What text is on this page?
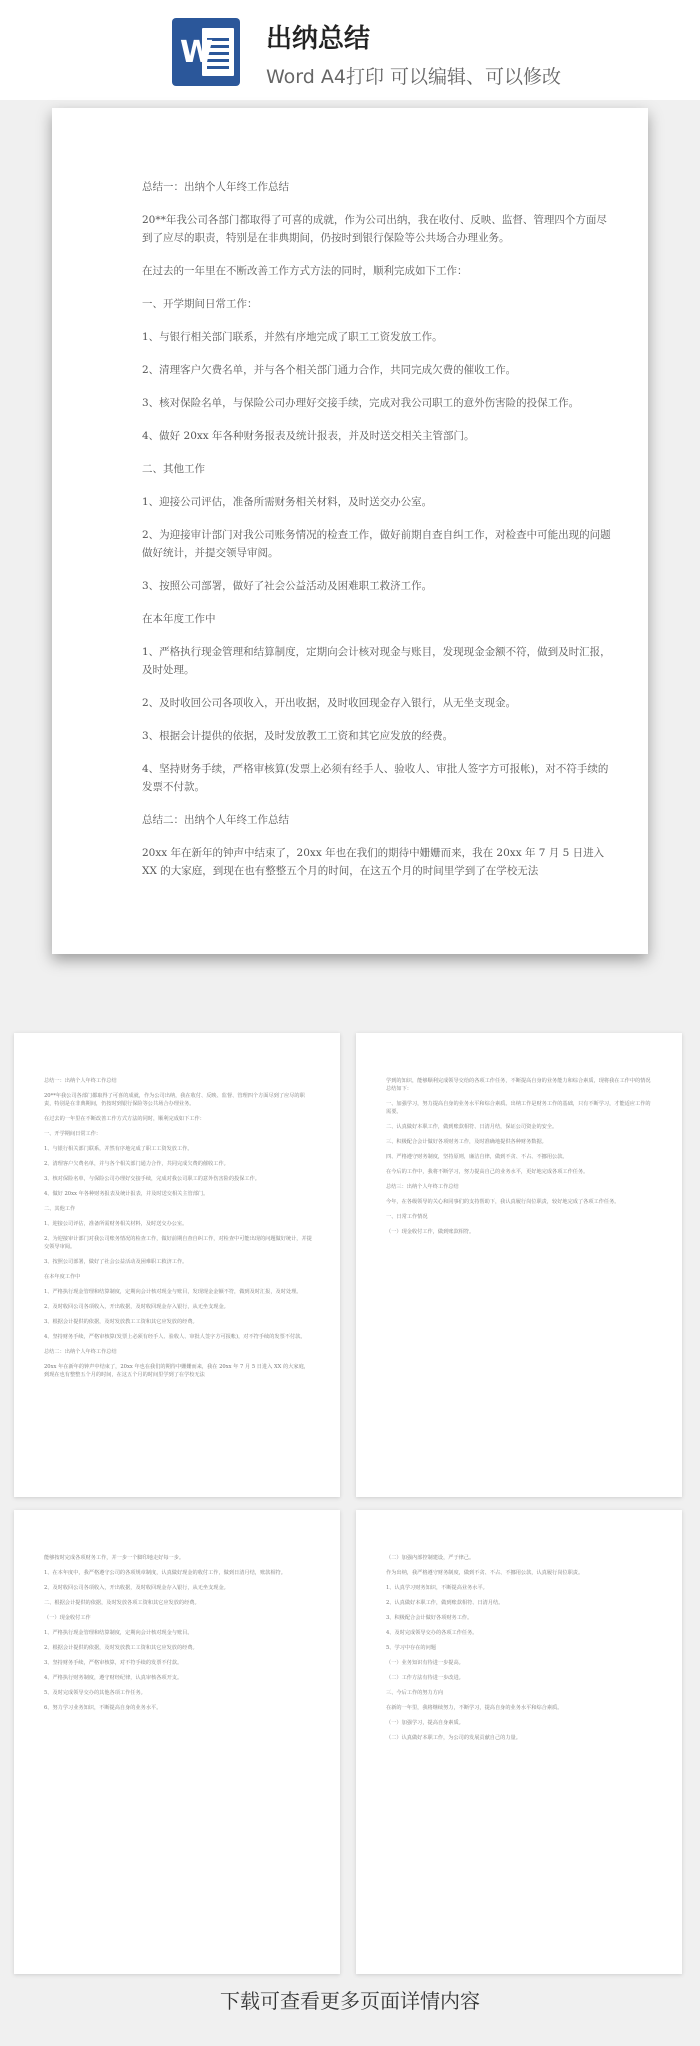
W 出纳总结
Word A4打印 可以编辑、可以修改

总结一：出纳个人年终工作总结

20**年我公司各部门都取得了可喜的成就，作为公司出纳，我在收付、反映、监督、管理四个方面尽到了应尽的职责，特别是在非典期间，仍按时到银行保险等公共场合办理业务。

在过去的一年里在不断改善工作方式方法的同时，顺利完成如下工作：

一、开学期间日常工作：

1、与银行相关部门联系，并然有序地完成了职工工资发放工作。

2、清理客户欠费名单，并与各个相关部门通力合作，共同完成欠费的催收工作。

3、核对保险名单，与保险公司办理好交接手续，完成对我公司职工的意外伤害险的投保工作。

4、做好 20xx 年各种财务报表及统计报表，并及时送交相关主管部门。

二、其他工作

1、迎接公司评估，准备所需财务相关材料，及时送交办公室。

2、为迎接审计部门对我公司账务情况的检查工作，做好前期自查自纠工作，对检查中可能出现的问题做好统计，并提交领导审阅。

3、按照公司部署，做好了社会公益活动及困难职工救济工作。

在本年度工作中

1、严格执行现金管理和结算制度，定期向会计核对现金与账目，发现现金金额不符，做到及时汇报，及时处理。

2、及时收回公司各项收入，开出收据，及时收回现金存入银行，从无坐支现金。

3、根据会计提供的依据，及时发放教工工资和其它应发放的经费。

4、坚持财务手续，严格审核算(发票上必须有经手人、验收人、审批人签字方可报帐)，对不符手续的发票不付款。

总结二：出纳个人年终工作总结

20xx 年在新年的钟声中结束了，20xx 年也在我们的期待中姗姗而来，我在 20xx 年 7 月 5 日进入 XX 的大家庭，到现在也有整整五个月的时间，在这五个月的时间里学到了在学校无法

总结一：出纳个人年终工作总结

20**年我公司各部门都取得了可喜的成就，作为公司出纳，我在收付、反映、监督、管理四个方面尽到了应尽的职责，特别是在非典期间，仍按时到银行保险等公共场合办理业务。

在过去的一年里在不断改善工作方式方法的同时，顺利完成如下工作：

一、开学期间日常工作：

1、与银行相关部门联系，并然有序地完成了职工工资发放工作。

2、清理客户欠费名单，并与各个相关部门通力合作，共同完成欠费的催收工作。

3、核对保险名单，与保险公司办理好交接手续，完成对我公司职工的意外伤害险的投保工作。

4、做好 20xx 年各种财务报表及统计报表，并及时送交相关主管部门。

二、其他工作

1、迎接公司评估，准备所需财务相关材料，及时送交办公室。

2、为迎接审计部门对我公司账务情况的检查工作，做好前期自查自纠工作，对检查中可能出现的问题做好统计，并提交领导审阅。

3、按照公司部署，做好了社会公益活动及困难职工救济工作。

在本年度工作中

1、严格执行现金管理和结算制度，定期向会计核对现金与账目，发现现金金额不符，做到及时汇报，及时处理。

2、及时收回公司各项收入，开出收据，及时收回现金存入银行，从无坐支现金。

3、根据会计提供的依据，及时发放教工工资和其它应发放的经费。

4、坚持财务手续，严格审核算(发票上必须有经手人、验收人、审批人签字方可报帐)，对不符手续的发票不付款。

总结二：出纳个人年终工作总结

20xx 年在新年的钟声中结束了，20xx 年也在我们的期待中姗姗而来，我在 20xx 年 7 月 5 日进入 XX 的大家庭，到现在也有整整五个月的时间，在这五个月的时间里学到了在学校无法

学到的知识，能够顺利完成领导交给的各项工作任务，不断提高自身的业务能力和综合素质，现将我在工作中的情况总结如下：

一、加强学习，努力提高自身的业务水平和综合素质。出纳工作是财务工作的基础，只有不断学习，才能适应工作的需要。

二、认真做好本职工作，做到账款相符、日清月结，保证公司资金的安全。

三、积极配合会计做好各项财务工作，及时准确地提供各种财务数据。

四、严格遵守财务制度，坚持原则，廉洁自律，做到不贪、不占、不挪用公款。

在今后的工作中，我将不断学习，努力提高自己的业务水平，更好地完成各项工作任务。

总结三：出纳个人年终工作总结

今年，在各级领导的关心和同事们的支持帮助下，我认真履行岗位职责，较好地完成了各项工作任务。

一、日常工作情况

（一）现金收付工作，做到账款相符。

能够按时完成各项财务工作，并一步一个脚印地走好每一步。

1、在本年度中，我严格遵守公司的各项规章制度，认真做好现金的收付工作，做到日清月结，账款相符。

2、及时收回公司各项收入，开出收据，及时收回现金存入银行，从无坐支现金。

二、根据会计提供的依据，及时发放各项工资和其它应发放的经费。

（一）现金收付工作

1、严格执行现金管理和结算制度，定期向会计核对现金与账目。

2、根据会计提供的依据，及时发放教工工资和其它应发放的经费。

3、坚持财务手续，严格审核算，对不符手续的发票不付款。

4、严格执行财务制度，遵守财经纪律，认真审核各项开支。

5、及时完成领导交办的其他各项工作任务。

6、努力学习业务知识，不断提高自身的业务水平。

（二）加强内部控制建设，严于律己。

作为出纳，我严格遵守财务制度，做到不贪、不占、不挪用公款，认真履行岗位职责。

1、认真学习财务知识，不断提高业务水平。

2、认真做好本职工作，做到账款相符、日清月结。

3、积极配合会计做好各项财务工作。

4、及时完成领导交办的各项工作任务。

5、学习中存在的问题

（一）业务知识有待进一步提高。

（二）工作方法有待进一步改进。

三、今后工作的努力方向

在新的一年里，我将继续努力，不断学习，提高自身的业务水平和综合素质。

（一）加强学习，提高自身素质。

（二）认真做好本职工作，为公司的发展贡献自己的力量。

下载可查看更多页面详情内容
